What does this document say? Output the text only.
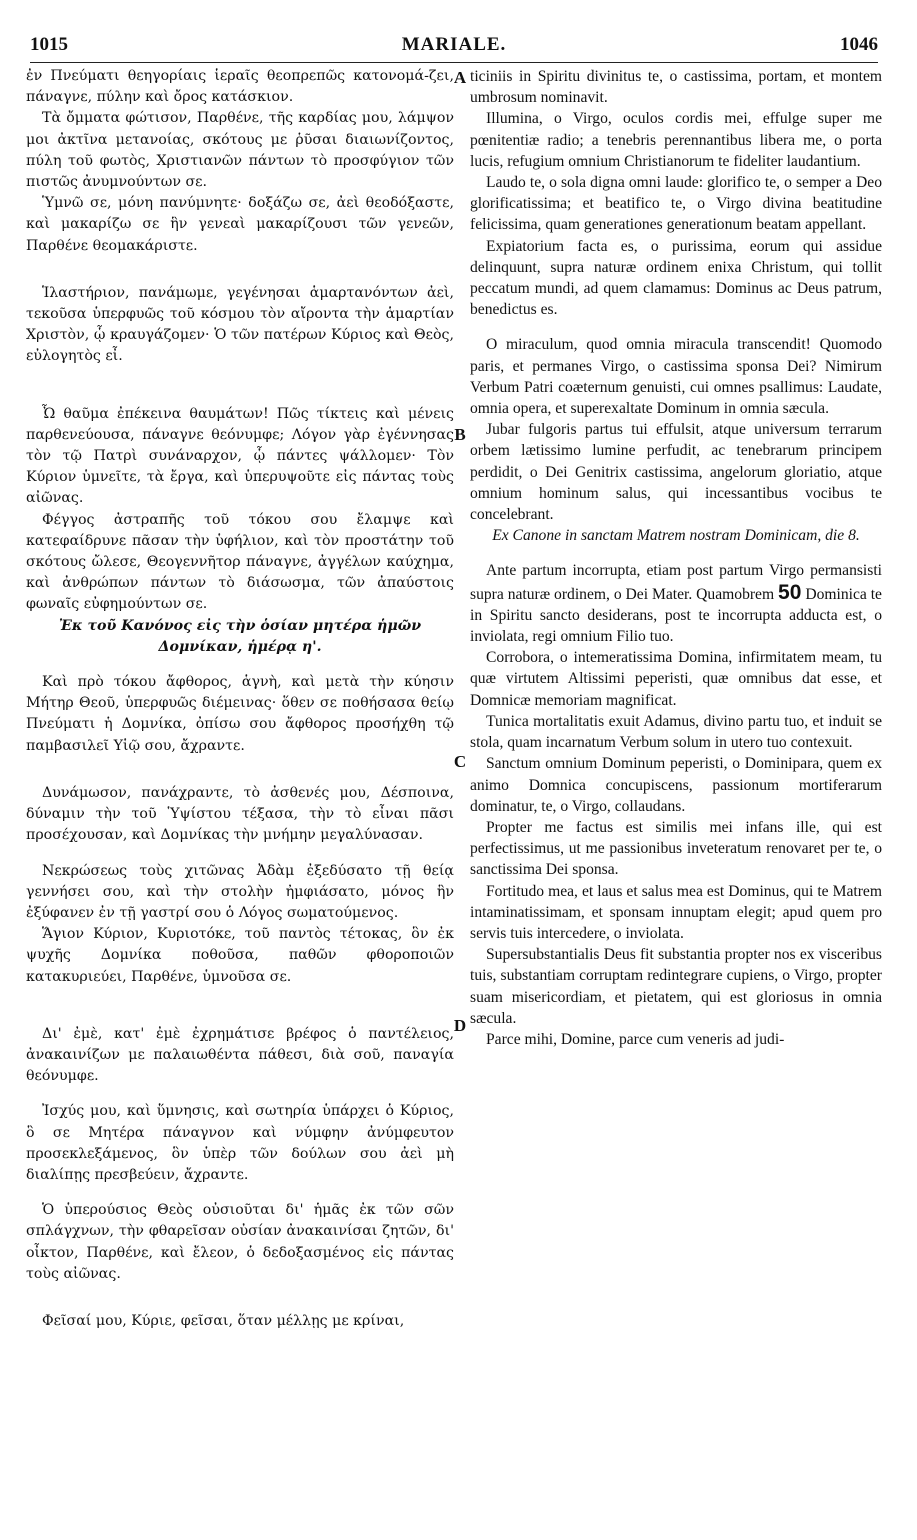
1015	MARIALE.	1046
A
B
C
D

ἐν Πνεύματι θεηγορίαις ἱεραῖς θεοπρεπῶς κατονομά-ζει, πάναγνε, πύλην καὶ ὄρος κατάσκιον.

Τὰ ὄμματα φώτισον, Παρθένε, τῆς καρδίας μου, λάμψον μοι ἀκτῖνα μετανοίας, σκότους με ῥῦσαι διαιωνίζοντος, πύλη τοῦ φωτὸς, Χριστιανῶν πάντων τὸ προσφύγιον τῶν πιστῶς ἀνυμνούντων σε.

Ὑμνῶ σε, μόνη πανύμνητε· δοξάζω σε, ἀεὶ θεοδόξαστε, καὶ μακαρίζω σε ἣν γενεαὶ μακαρίζουσι τῶν γενεῶν, Παρθένε θεομακάριστε.

Ἱλαστήριον, πανάμωμε, γεγένησαι ἁμαρτανόντων ἀεὶ, τεκοῦσα ὑπερφυῶς τοῦ κόσμου τὸν αἴροντα τὴν ἁμαρτίαν Χριστὸν, ᾧ κραυγάζομεν· Ὁ τῶν πατέρων Κύριος καὶ Θεὸς, εὐλογητὸς εἶ.

Ὦ θαῦμα ἐπέκεινα θαυμάτων! Πῶς τίκτεις καὶ μένεις παρθενεύουσα, πάναγνε θεόνυμφε; Λόγον γὰρ ἐγέννησας τὸν τῷ Πατρὶ συνάναρχον, ᾧ πάντες ψάλλομεν· Τὸν Κύριον ὑμνεῖτε, τὰ ἔργα, καὶ ὑπερυψοῦτε εἰς πάντας τοὺς αἰῶνας.

Φέγγος ἀστραπῆς τοῦ τόκου σου ἔλαμψε καὶ κατεφαίδρυνε πᾶσαν τὴν ὑφήλιον, καὶ τὸν προστάτην τοῦ σκότους ὤλεσε, Θεογεννῆτορ πάναγνε, ἀγγέλων καύχημα, καὶ ἀνθρώπων πάντων τὸ διάσωσμα, τῶν ἀπαύστοις φωναῖς εὐφημούντων σε.

Ἐκ τοῦ Κανόνος εἰς τὴν ὁσίαν μητέρα ἡμῶν Δομνίκαν, ἡμέρᾳ η'.

Καὶ πρὸ τόκου ἄφθορος, ἁγνὴ, καὶ μετὰ τὴν κύησιν Μήτηρ Θεοῦ, ὑπερφυῶς διέμεινας· ὅθεν σε ποθήσασα θείῳ Πνεύματι ἡ Δομνίκα, ὀπίσω σου ἄφθορος προσήχθη τῷ παμβασιλεῖ Υἱῷ σου, ἄχραντε.

Δυνάμωσον, πανάχραντε, τὸ ἀσθενές μου, Δέσποινα, δύναμιν τὴν τοῦ Ὑψίστου τέξασα, τὴν τὸ εἶναι πᾶσι προσέχουσαν, καὶ Δομνίκας τὴν μνήμην μεγαλύνασαν.

Νεκρώσεως τοὺς χιτῶνας Ἀδὰμ ἐξεδύσατο τῇ θείᾳ γεννήσει σου, καὶ τὴν στολὴν ἠμφιάσατο, μόνος ἣν ἐξύφανεν ἐν τῇ γαστρί σου ὁ Λόγος σωματούμενος.

Ἅγιον Κύριον, Κυριοτόκε, τοῦ παντὸς τέτοκας, ὃν ἐκ ψυχῆς Δομνίκα ποθοῦσα, παθῶν φθοροποιῶν κατακυριεύει, Παρθένε, ὑμνοῦσα σε.

Δι' ἐμὲ, κατ' ἐμὲ ἐχρημάτισε βρέφος ὁ παντέλειος, ἀνακαινίζων με παλαιωθέντα πάθεσι, διὰ σοῦ, παναγία θεόνυμφε.

Ἰσχύς μου, καὶ ὕμνησις, καὶ σωτηρία ὑπάρχει ὁ Κύριος, ὃ σε Μητέρα πάναγνον καὶ νύμφην ἀνύμφευτον προσεκλεξάμενος, ὃν ὑπὲρ τῶν δούλων σου ἀεὶ μὴ διαλίπῃς πρεσβεύειν, ἄχραντε.

Ὁ ὑπερούσιος Θεὸς οὐσιοῦται δι' ἡμᾶς ἐκ τῶν σῶν σπλάγχνων, τὴν φθαρεῖσαν οὐσίαν ἀνακαινίσαι ζητῶν, δι' οἶκτον, Παρθένε, καὶ ἔλεον, ὁ δεδοξασμένος εἰς πάντας τοὺς αἰῶνας.

Φεῖσαί μου, Κύριε, φεῖσαι, ὅταν μέλλῃς με κρίναι,

ticiniis in Spiritu divinitus te, o castissima, portam, et montem umbrosum nominavit.

Illumina, o Virgo, oculos cordis mei, effulge super me pœnitentiæ radio; a tenebris perennantibus libera me, o porta lucis, refugium omnium Christianorum te fideliter laudantium.

Laudo te, o sola digna omni laude: glorifico te, o semper a Deo glorificatissima; et beatifico te, o Virgo divina beatitudine felicissima, quam generationes generationum beatam appellant.

Expiatorium facta es, o purissima, eorum qui assidue delinquunt, supra naturæ ordinem enixa Christum, qui tollit peccatum mundi, ad quem clamamus: Dominus ac Deus patrum, benedictus es.

O miraculum, quod omnia miracula transcendit! Quomodo paris, et permanes Virgo, o castissima sponsa Dei? Nimirum Verbum Patri coæternum genuisti, cui omnes psallimus: Laudate, omnia opera, et superexaltate Dominum in omnia sæcula.

Jubar fulgoris partus tui effulsit, atque universum terrarum orbem lætissimo lumine perfudit, ac tenebrarum principem perdidit, o Dei Genitrix castissima, angelorum gloriatio, atque omnium hominum salus, qui incessantibus vocibus te concelebrant.

Ex Canone in sanctam Matrem nostram Dominicam, die 8.

Ante partum incorrupta, etiam post partum Virgo permansisti supra naturæ ordinem, o Dei Mater. Quamobrem 50 Dominica te in Spiritu sancto desiderans, post te incorrupta adducta est, o inviolata, regi omnium Filio tuo.

Corrobora, o intemeratissima Domina, infirmitatem meam, tu quæ virtutem Altissimi peperisti, quæ omnibus dat esse, et Domnicæ memoriam magnificat.

Tunica mortalitatis exuit Adamus, divino partu tuo, et induit se stola, quam incarnatum Verbum solum in utero tuo contexuit.

Sanctum omnium Dominum peperisti, o Dominipara, quem ex animo Domnica concupiscens, passionum mortiferarum dominatur, te, o Virgo, collaudans.

Propter me factus est similis mei infans ille, qui est perfectissimus, ut me passionibus inveteratum renovaret per te, o sanctissima Dei sponsa.

Fortitudo mea, et laus et salus mea est Dominus, qui te Matrem intaminatissimam, et sponsam innuptam elegit; apud quem pro servis tuis intercedere, o inviolata.

Supersubstantialis Deus fit substantia propter nos ex visceribus tuis, substantiam corruptam redintegrare cupiens, o Virgo, propter suam misericordiam, et pietatem, qui est gloriosus in omnia sæcula.

Parce mihi, Domine, parce cum veneris ad judi-
